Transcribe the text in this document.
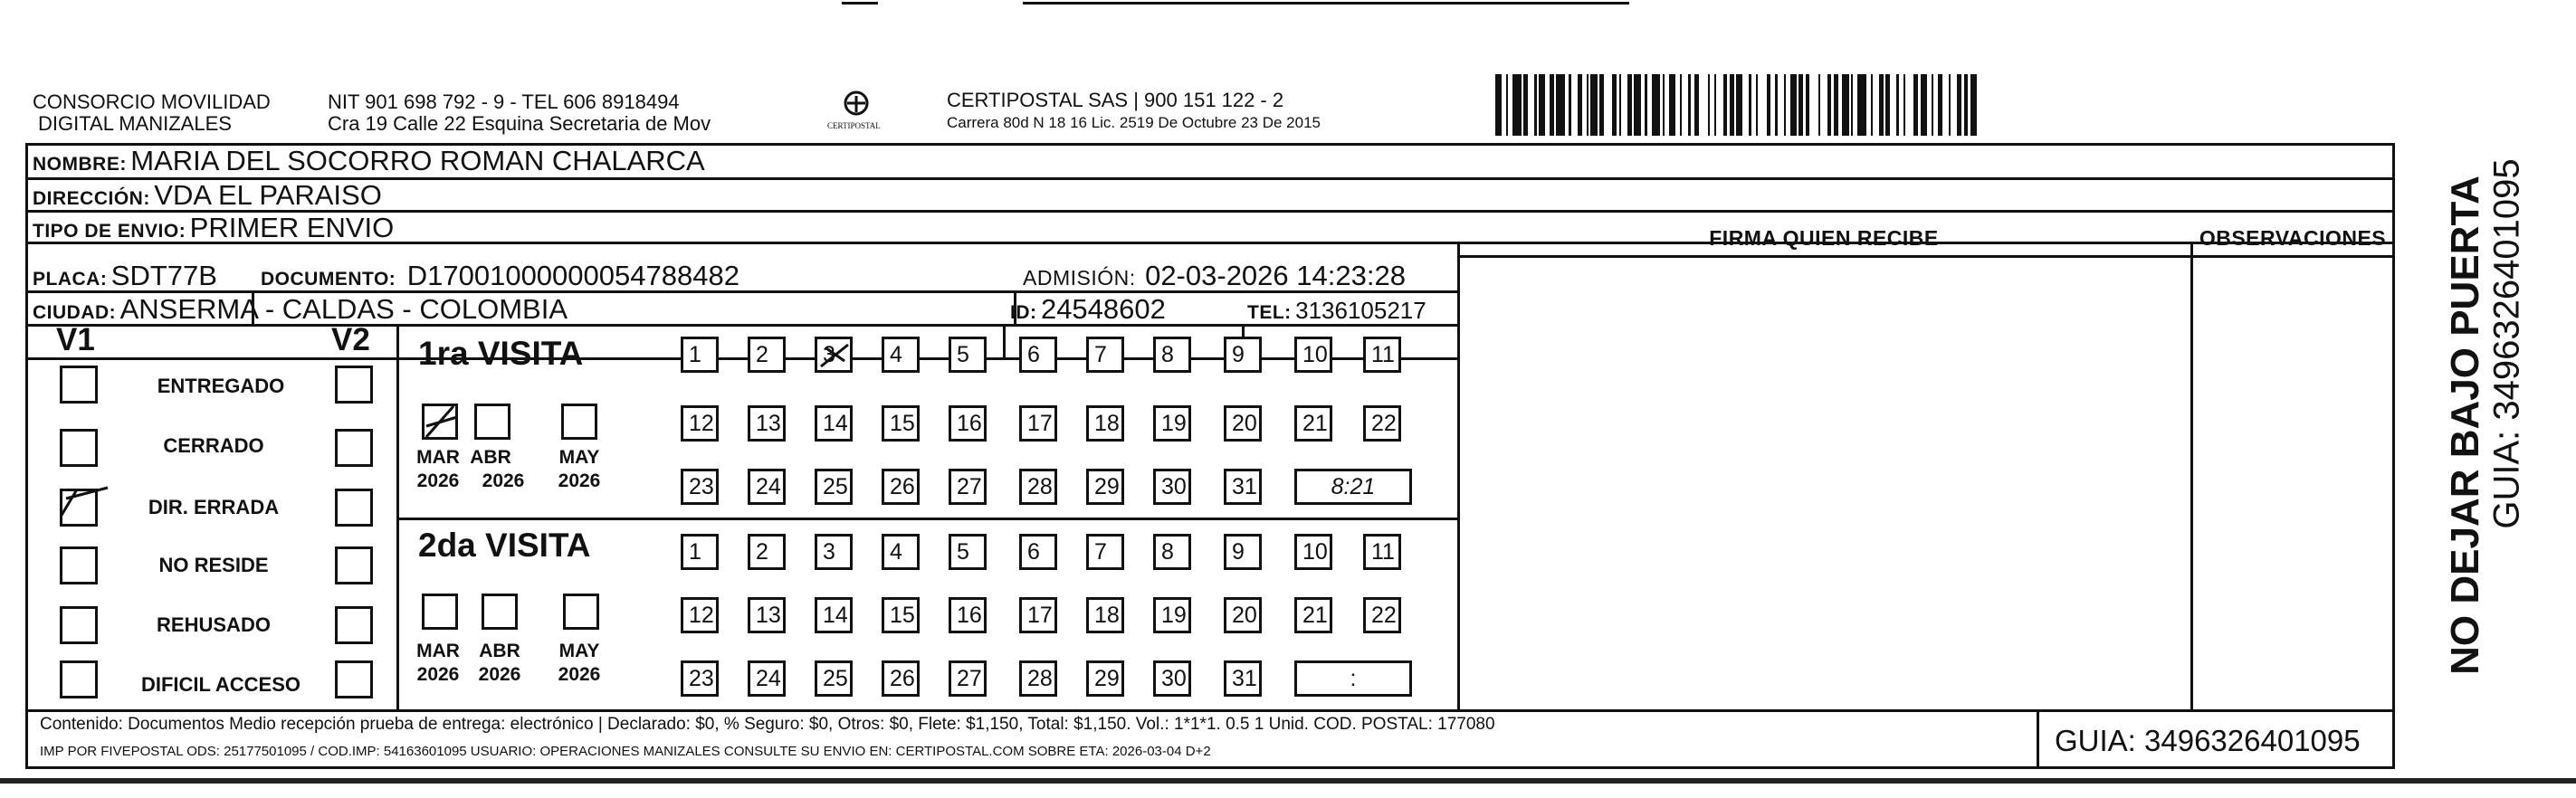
CONSORCIO MOVILIDAD
DIGITAL MANIZALES
NIT 901 698 792 - 9 - TEL 606 8918494
Cra 19 Calle 22 Esquina Secretaria de Mov	CERTIPOSTAL
CERTIPOSTAL SAS | 900 151 122 - 2
Carrera 80d N 18 16 Lic. 2519 De Octubre 23 De 2015
NOMBRE: MARIA DEL SOCORRO ROMAN CHALARCA
DIRECCIÓN: VDA EL PARAISO
TIPO DE ENVIO: PRIMER ENVIO
PLACA: SDT77B DOCUMENTO: D17001000000054788482	ADMISIÓN: 02-03-2026 14:23:28
CIUDAD: ANSERMA - CALDAS - COLOMBIA	ID: 24548602	TEL: 3136105217
FIRMA QUIEN RECIBE	OBSERVACIONES
V1	V2
ENTREGADO
CERRADO
DIR. ERRADA
NO RESIDE
REHUSADO
DIFICIL ACCESO
1ra VISITA
2da VISITA
MAR ABR	MAY
2026 2026 2026
MAR ABR MAY
2026 2026 2026
1	2	3	4	5	6	7	8	9	10	11
12	13	14	15	16	17	18	19	20	21	22
23	24	25	26	27	28	29	30	31	8:21
1	2	3	4	5	6	7	8	9	10	11
12	13	14	15	16	17	18	19	20	21	22
23	24	25	26	27	28	29	30	31	:
Contenido: Documentos Medio recepción prueba de entrega: electrónico | Declarado: $0, % Seguro: $0, Otros: $0, Flete: $1,150, Total: $1,150. Vol.: 1*1*1. 0.5 1 Unid. COD. POSTAL: 177080
IMP POR FIVEPOSTAL ODS: 25177501095 / COD.IMP: 54163601095 USUARIO: OPERACIONES MANIZALES CONSULTE SU ENVIO EN: CERTIPOSTAL.COM SOBRE ETA: 2026-03-04 D+2	GUIA: 3496326401095
NO DEJAR BAJO PUERTA GUIA: 3496326401095
